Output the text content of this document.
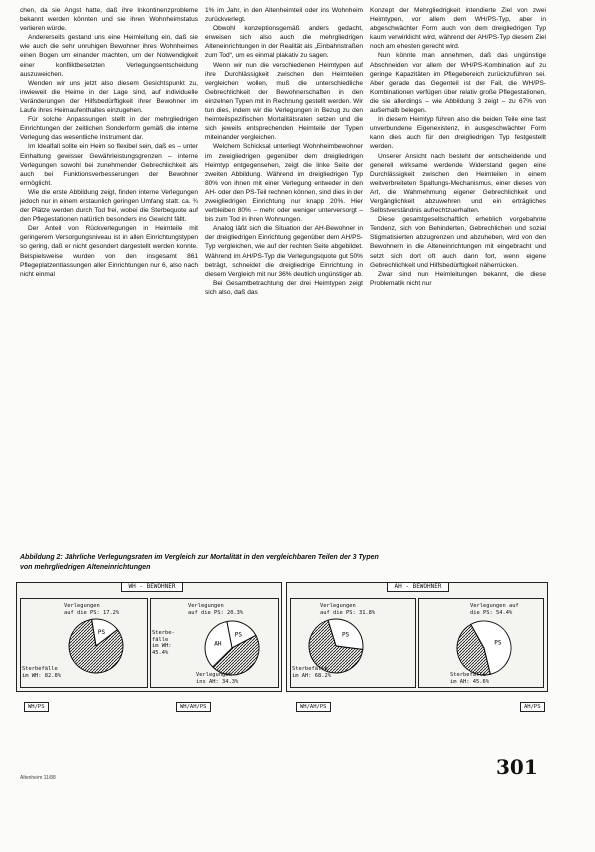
chen, da sie Angst hatte, daß ihre Inkontinenzprobleme bekannt werden könnten und sie ihren Wohnheimstatus verlieren würde.

Andererseits gestand uns eine Heimleitung ein, daß sie wie auch die sehr unruhigen Bewohner ihres Wohnheimes einen Bogen um einander machten, um der Notwendigkeit einer konfliktbesetzten Verlegungsentscheidung auszuweichen.

Wenden wir uns jetzt also diesem Gesichtspunkt zu, inwieweit die Heime in der Lage sind, auf individuelle Veränderungen der Hilfsbedürftigkeit ihrer Bewohner im Laufe ihres Heimaufenthaltes einzugehen.

Für solche Anpassungen stellt in der mehrgliedrigen Einrichtungen der zeitlichen Sonderform gemäß die interne Verlegung das wesentliche Instrument dar.

Im Idealfall sollte ein Heim so flexibel sein, daß es – unter Einhaltung gewisser Gewährleistungsgrenzen – interne Verlegungen sowohl bei zunehmender Gebrechlichkeit als auch bei Funktionsverbesserungen der Bewohner ermöglicht.

Wie die erste Abbildung zeigt, finden interne Verlegungen jedoch nur in einem erstaunlich geringen Umfang statt: ca. ¾ der Plätze werden durch Tod frei, wobei die Sterbequote auf den Pflegestationen natürlich besonders ins Gewicht fällt.

Der Anteil von Rückverlegungen in Heimteile mit geringerem Versorgungsniveau ist in allen Einrichtungstypen so gering, daß er nicht gesondert dargestellt werden konnte. Beispielsweise wurden von den insgesamt 861 Pflegeplatzentlassungen aller Einrichtungen nur 6, also nach nicht einmal

1% im Jahr, in den Altenheimteil oder ins Wohnheim zurückverlegt.

Obwohl konzeptionsgemäß anders gedacht, erweisen sich also auch die mehrgliedrigen Alteneinrichtungen in der Realität als „Einbahnstraßen zum Tod“, um es einmal plakativ zu sagen.

Wenn wir nun die verschiedenen Heimtypen auf ihre Durchlässigkeit zwischen den Heimteilen vergleichen wollen, muß die unterschiedliche Gebrechlichkeit der Bewohnerschaften in den einzelnen Typen mit in Rechnung gestellt werden. Wir tun dies, indem wir die Verlegungen in Bezug zu den heimteilspezifischen Mortalitätsraten setzen und die sich jeweils entsprechenden Heimteile der Typen miteinander vergleichen.

Welchem Schicksal unterliegt Wohnheimbewohner im zweigliedrigen gegenüber dem dreigliedrigen Heimtyp entgegensehen, zeigt die linke Seite der zweiten Abbildung. Während im dreigliedrigen Typ 80% von ihnen mit einer Verlegung entweder in den AH- oder den PS-Teil rechnen können, sind dies in der zweigliedrigen Einrichtung nur knapp 20%. Hier verbleiben 80% – mehr oder weniger unterversorgt – bis zum Tod in ihren Wohnungen.

Analog läßt sich die Situation der AH-Bewohner in der dreigliedrigen Einrichtung gegenüber dem AH/PS-Typ vergleichen, wie auf der rechten Seite abgebildet. Während im AH/PS-Typ die Verlegungsquote gut 50% beträgt, schneidet die dreigliedrige Einrichtung in diesem Vergleich mit nur 36% deutlich ungünstiger ab.

Bei Gesamtbetrachtung der drei Heimtypen zeigt sich also, daß das

Konzept der Mehrgliedrigkeit intendierte Ziel von zwei Heimtypen, vor allem dem WH/PS-Typ, aber in abgeschwächter Form auch von dem dreigliedrigen Typ kaum verwirklicht wird, während der AH/PS-Typ diesem Ziel noch am ehesten gerecht wird.

Nun könnte man annehmen, daß das ungünstige Abschneiden vor allem der WH/PS-Kombination auf zu geringe Kapazitäten im Pflegebereich zurückzuführen sei. Aber gerade das Gegenteil ist der Fall, die WH/PS-Kombinationen verfügen über relativ große Pflegestationen, die sie allerdings – wie Abbildung 3 zeigt – zu 67% von außerhalb belegen.

In diesem Heimtyp führen also die beiden Teile eine fast unverbundene Eigenexistenz, in ausgeschwächter Form kann dies auch für den dreigliedrigen Typ festgestellt werden.

Unserer Ansicht nach besteht der entscheidende und generell wirksame werdende Widerstand gegen eine Durchlässigkeit zwischen den Heimteilen in einem weitverbreiteten Spaltungs-Mechanismus, einer dieses von Art, die Wahrnehmung eigener Gebrechlichkeit und Vergänglichkeit abzuwehren und ein erträgliches Selbstverständnis aufrechtzuerhalten.

Diese gesamtgesellschaftlich erheblich vorgebahnte Tendenz, sich von Behinderten, Gebrechlichen und sozial Stigmatisierten abzugrenzen und abzuheben, wird von den Bewohnern in die Alteneinrichtungen mit eingebracht und setzt sich dort oft auch dann fort, wenn eigene Gebrechlichkeit und Hilfsbedürftigkeit näherrücken.

Zwar sind nun Heimleitungen bekannt, die diese Problematik nicht nur

Abbildung 2: Jährliche Verlegungsraten im Vergleich zur Mortalität in den vergleichbaren Teilen der 3 Typen
von mehrgliedrigen Alteneinrichtungen
WH - BEWOHNER	AH - BEWOHNER
PS	PS
AH
PS
PS
Verlegungen
auf die PS: 17.2%
Sterbefälle
im WH: 82.8%
Verlegungen
auf die PS: 20.3%
Sterbe-
fälle
im WH:
45.4%
Verlegungen
ins AH: 34.3%
Verlegungen
auf die PS: 31.8%
Sterbefälle
im AH: 68.2%
Verlegungen auf
die PS: 54.4%
Sterbefälle
im AH: 45.6%
WH/PS	WH/AH/PS	WH/AH/PS	AH/PS
Altenheim 11/88	301
